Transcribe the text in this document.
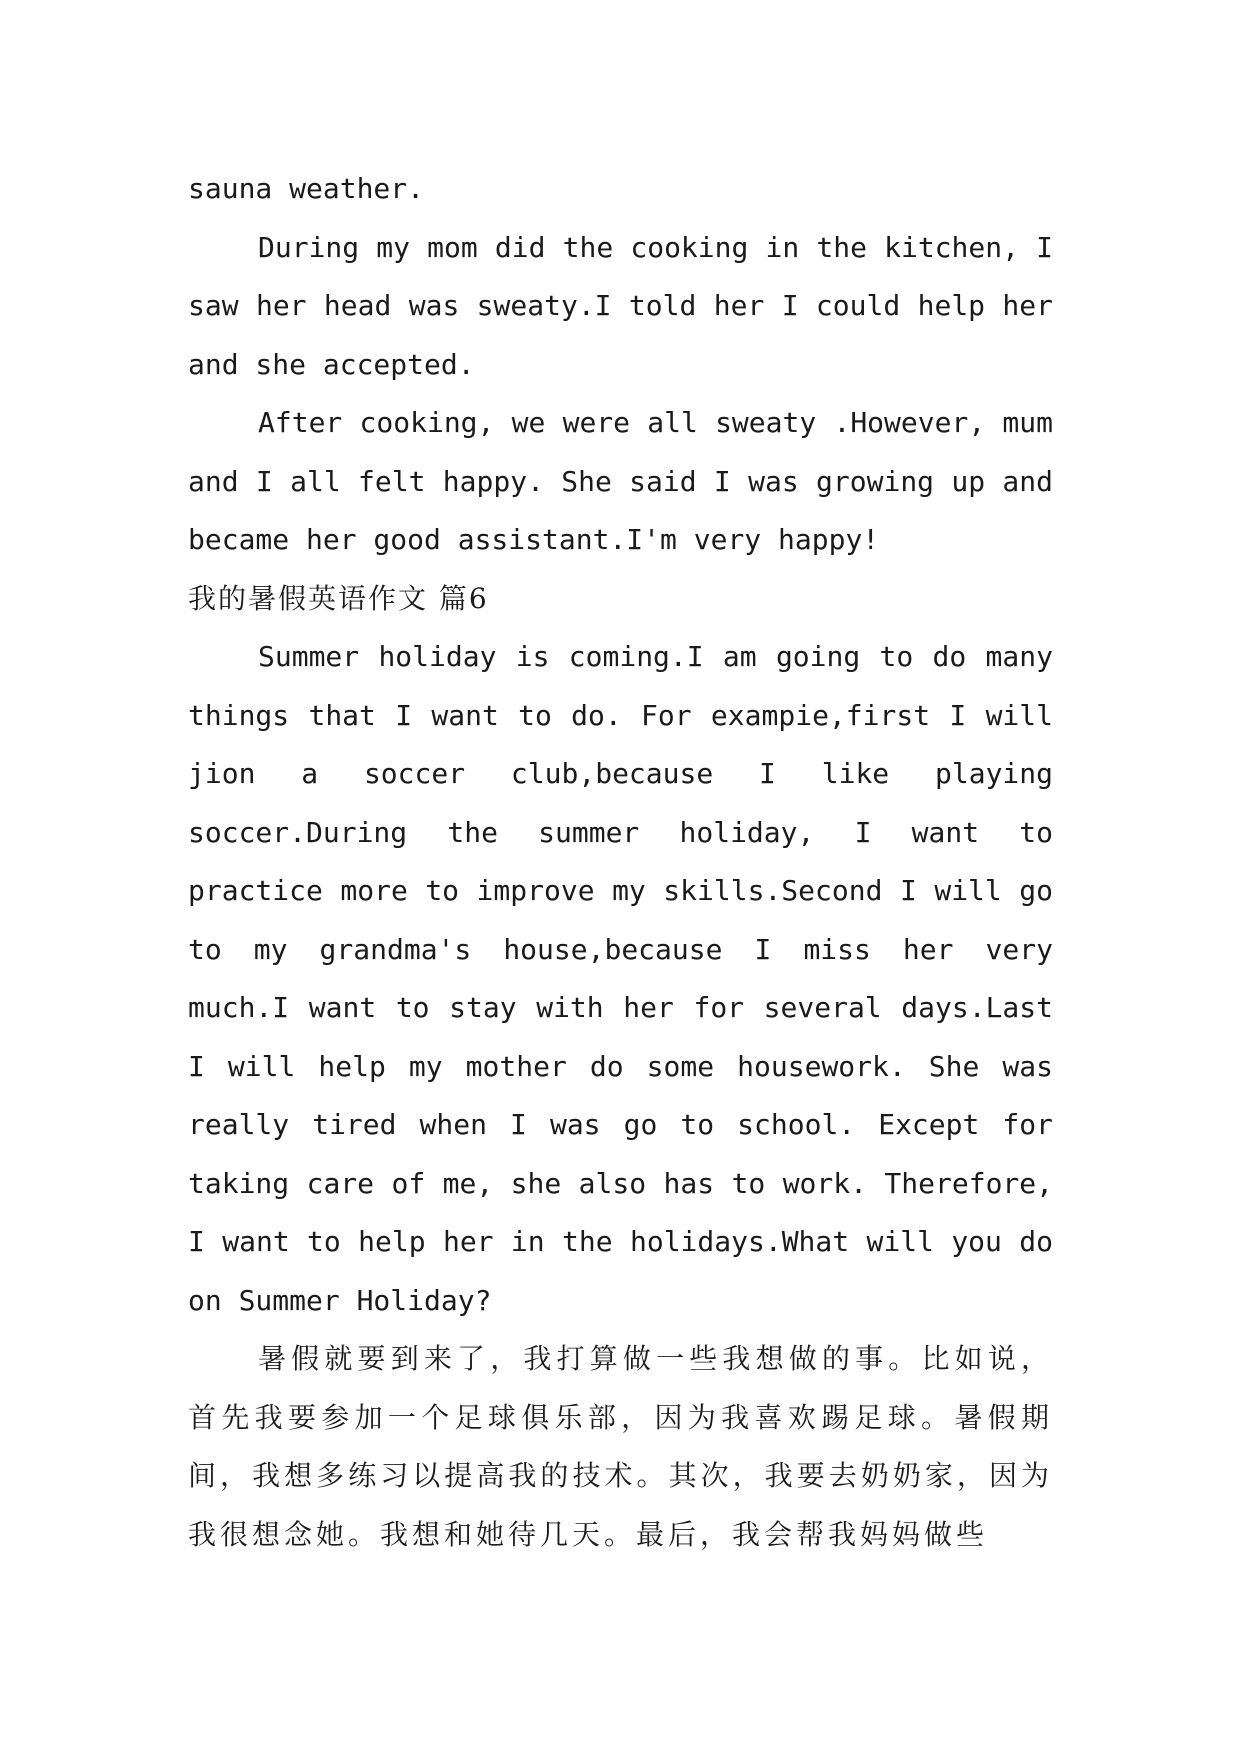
sauna weather.

During my mom did the cooking in the kitchen, I saw her head was sweaty.I told her I could help her and she accepted.

After cooking, we were all sweaty .However, mum and I all felt happy. She said I was growing up and became her good assistant.I'm very happy!

我的暑假英语作文 篇6

Summer holiday is coming.I am going to do many things that I want to do. For exampie,first I will jion a soccer club,because I like playing soccer.During the summer holiday, I want to practice more to improve my skills.Second I will go to my grandma's house,because I miss her very much.I want to stay with her for several days.Last I will help my mother do some housework. She was really tired when I was go to school. Except for taking care of me, she also has to work. Therefore, I want to help her in the holidays.What will you do on Summer Holiday?

暑假就要到来了，我打算做一些我想做的事。比如说，首先我要参加一个足球俱乐部，因为我喜欢踢足球。暑假期间，我想多练习以提高我的技术。其次，我要去奶奶家，因为我很想念她。我想和她待几天。最后，我会帮我妈妈做些
